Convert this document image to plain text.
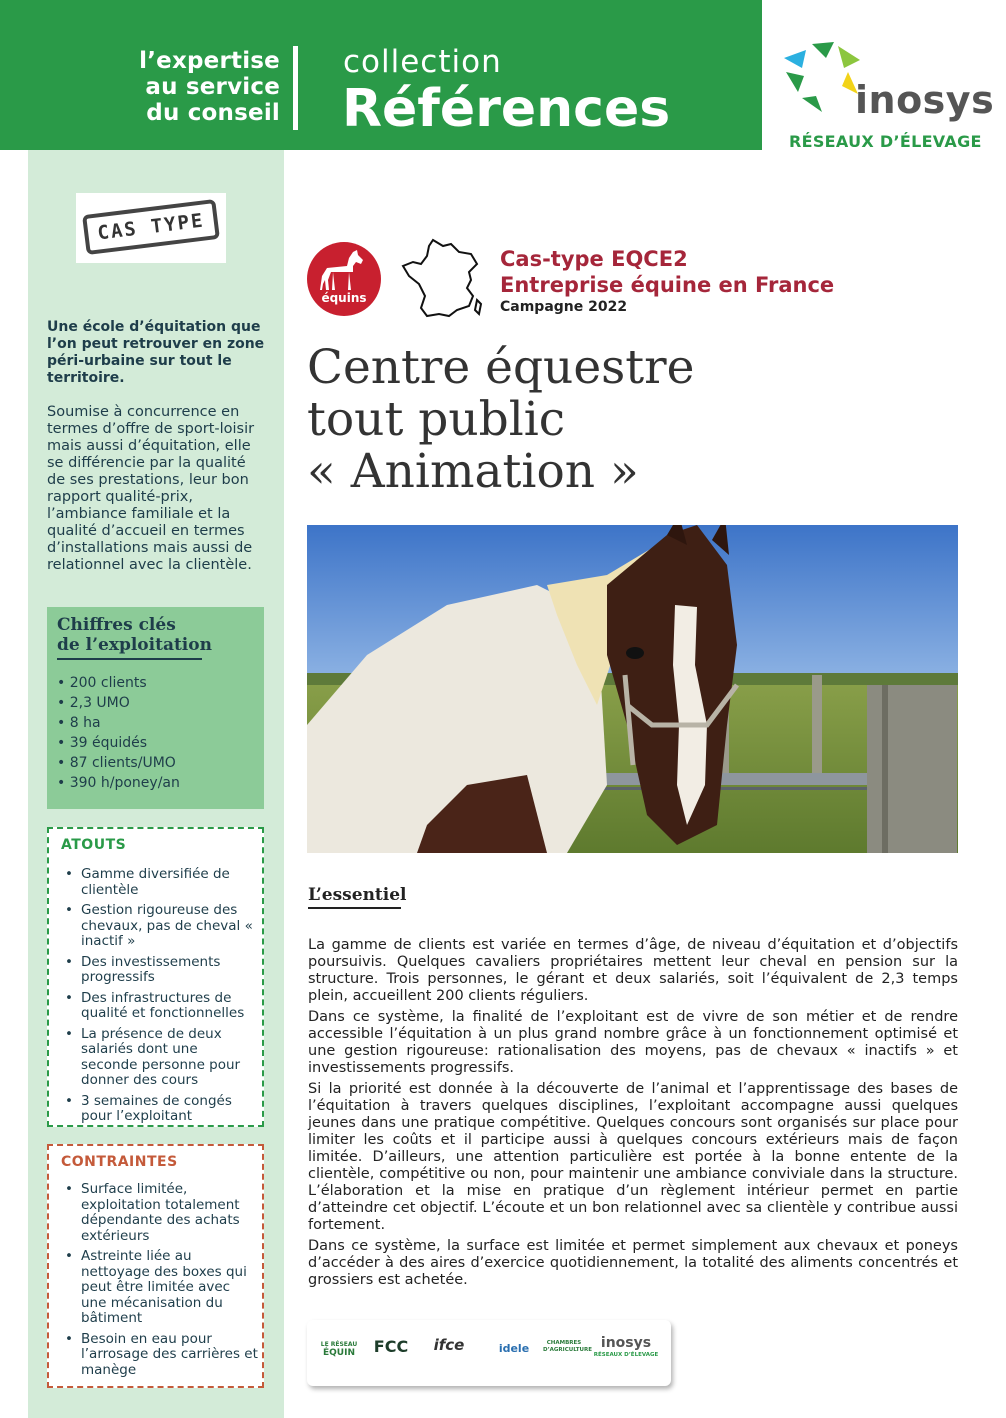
l’expertise
au service
du conseil
collection
Références	inosys
RÉSEAUX D’ÉLEVAGE
CAS TYPE
Une école d’équitation que l’on peut retrouver en zone péri-urbaine sur tout le territoire.
Soumise à concurrence en termes d’offre de sport-loisir mais aussi d’équitation, elle se différencie par la qualité de ses prestations, leur bon rapport qualité-prix, l’ambiance familiale et la qualité d’accueil en termes d’installations mais aussi de relationnel avec la clientèle.
Chiffres clés
de l’exploitation
• 200 clients
• 2,3 UMO
• 8 ha
• 39 équidés
• 87 clients/UMO
• 390 h/poney/an
ATOUTS
• Gamme diversifiée de clientèle
• Gestion rigoureuse des chevaux, pas de cheval « inactif »
• Des investissements progressifs
• Des infrastructures de qualité et fonctionnelles
• La présence de deux salariés dont une seconde personne pour donner des cours
• 3 semaines de congés pour l’exploitant
CONTRAINTES
• Surface limitée, exploitation totalement dépendante des achats extérieurs
• Astreinte liée au nettoyage des boxes qui peut être limitée avec une mécanisation du bâtiment
• Besoin en eau pour l’arrosage des carrières et manège
équins
Cas-type EQCE2
Entreprise équine en France
Campagne 2022
Centre équestre
tout public
« Animation »
L’essentiel

La gamme de clients est variée en termes d’âge, de niveau d’équitation et d’objectifs poursuivis. Quelques cavaliers propriétaires mettent leur cheval en pension sur la structure. Trois personnes, le gérant et deux salariés, soit l’équivalent de 2,3 temps plein, accueillent 200 clients réguliers.

Dans ce système, la finalité de l’exploitant est de vivre de son métier et de rendre accessible l’équitation à un plus grand nombre grâce à un fonctionnement optimisé et une gestion rigoureuse: rationalisation des moyens, pas de chevaux « inactifs » et investissements progressifs.

Si la priorité est donnée à la découverte de l’animal et l’apprentissage des bases de l’équitation à travers quelques disciplines, l’exploitant accompagne aussi quelques jeunes dans une pratique compétitive. Quelques concours sont organisés sur place pour limiter les coûts et il participe aussi à quelques concours extérieurs mais de façon limitée. D’ailleurs, une attention particulière est portée à la bonne entente de la clientèle, compétitive ou non, pour maintenir une ambiance conviviale dans la structure. L’élaboration et la mise en pratique d’un règlement intérieur permet en partie d’atteindre cet objectif. L’écoute et un bon relationnel avec sa clientèle y contribue aussi fortement.

Dans ce système, la surface est limitée et permet simplement aux chevaux et poneys d’accéder à des aires d’exercice quotidiennement, la totalité des aliments concentrés et grossiers est achetée.

LE RÉSEAU
ÉQUIN	FCC	ifce	idele	CHAMBRES D’AGRICULTURE inosys
RÉSEAUX D’ÉLEVAGE
